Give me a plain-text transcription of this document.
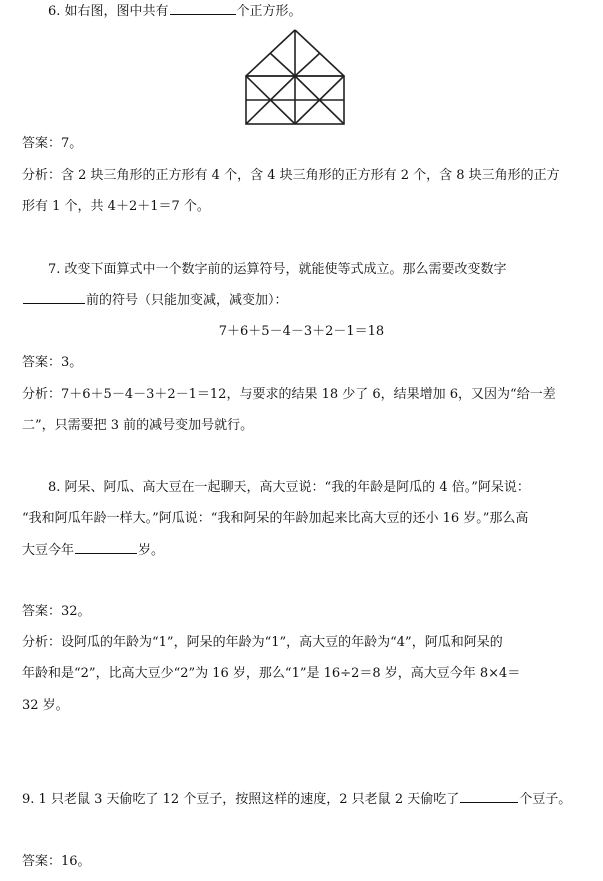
6. 如右图，图中共有	个正方形。
答案：7。
分析：含 2 块三角形的正方形有 4 个，含 4 块三角形的正方形有 2 个，含 8 块三角形的正方
形有 1 个，共 4＋2＋1＝7 个。
7. 改变下面算式中一个数字前的运算符号，就能使等式成立。那么需要改变数字
前的符号（只能加变减，减变加）：
7＋6＋5－4－3＋2－1＝18
答案：3。
分析：7＋6＋5－4－3＋2－1＝12，与要求的结果 18 少了 6，结果增加 6，又因为“给一差
二”，只需要把 3 前的减号变加号就行。
8. 阿呆、阿瓜、高大豆在一起聊天，高大豆说：“我的年龄是阿瓜的 4 倍。”阿呆说：
“我和阿瓜年龄一样大。”阿瓜说：“我和阿呆的年龄加起来比高大豆的还小 16 岁。”那么高
大豆今年	岁。
答案：32。
分析：设阿瓜的年龄为“1”，阿呆的年龄为“1”，高大豆的年龄为“4”，阿瓜和阿呆的
年龄和是“2”，比高大豆少“2”为 16 岁，那么“1”是 16÷2＝8 岁，高大豆今年 8×4＝
32 岁。
9. 1 只老鼠 3 天偷吃了 12 个豆子，按照这样的速度，2 只老鼠 2 天偷吃了	个豆子。
答案：16。
